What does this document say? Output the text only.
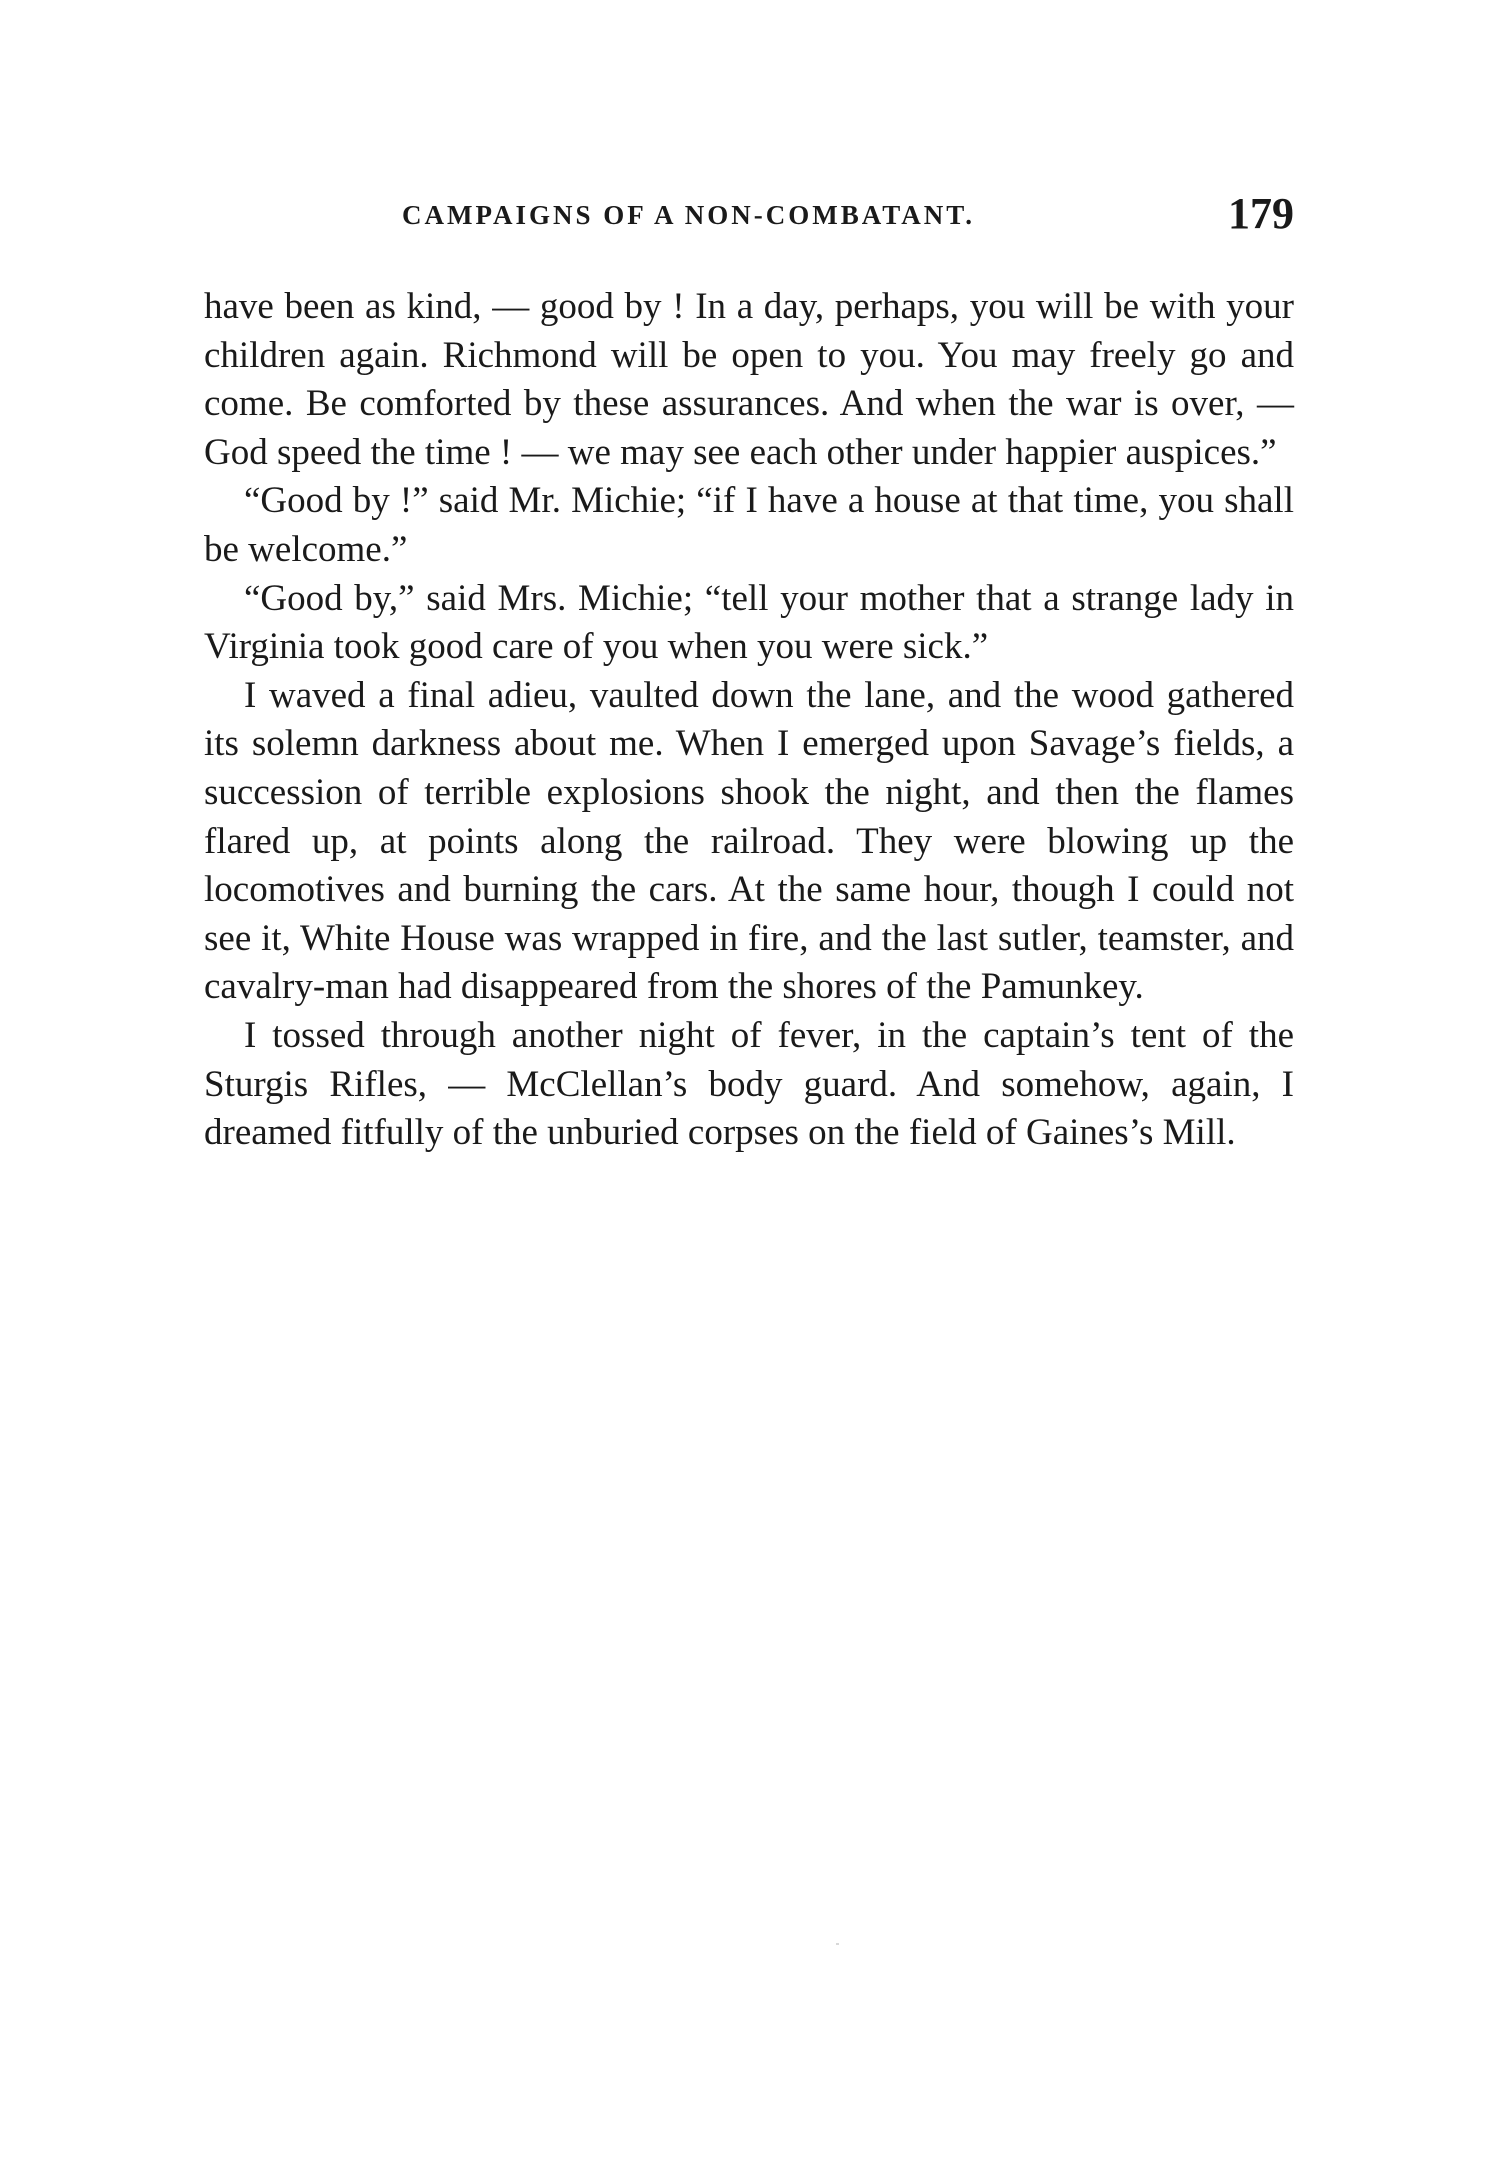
CAMPAIGNS OF A NON-COMBATANT.	179

have been as kind, — good by ! In a day, perhaps, you will be with your children again. Richmond will be open to you. You may freely go and come. Be comforted by these assurances. And when the war is over, — God speed the time ! — we may see each other under happier auspices.”

“Good by !” said Mr. Michie; “if I have a house at that time, you shall be welcome.”

“Good by,” said Mrs. Michie; “tell your mother that a strange lady in Virginia took good care of you when you were sick.”

I waved a final adieu, vaulted down the lane, and the wood gathered its solemn darkness about me. When I emerged upon Savage’s fields, a succession of terrible explosions shook the night, and then the flames flared up, at points along the railroad. They were blowing up the locomotives and burning the cars. At the same hour, though I could not see it, White House was wrapped in fire, and the last sutler, teamster, and cavalry-man had disappeared from the shores of the Pamunkey.

I tossed through another night of fever, in the captain’s tent of the Sturgis Rifles, — McClellan’s body guard. And somehow, again, I dreamed fitfully of the unburied corpses on the field of Gaines’s Mill.
